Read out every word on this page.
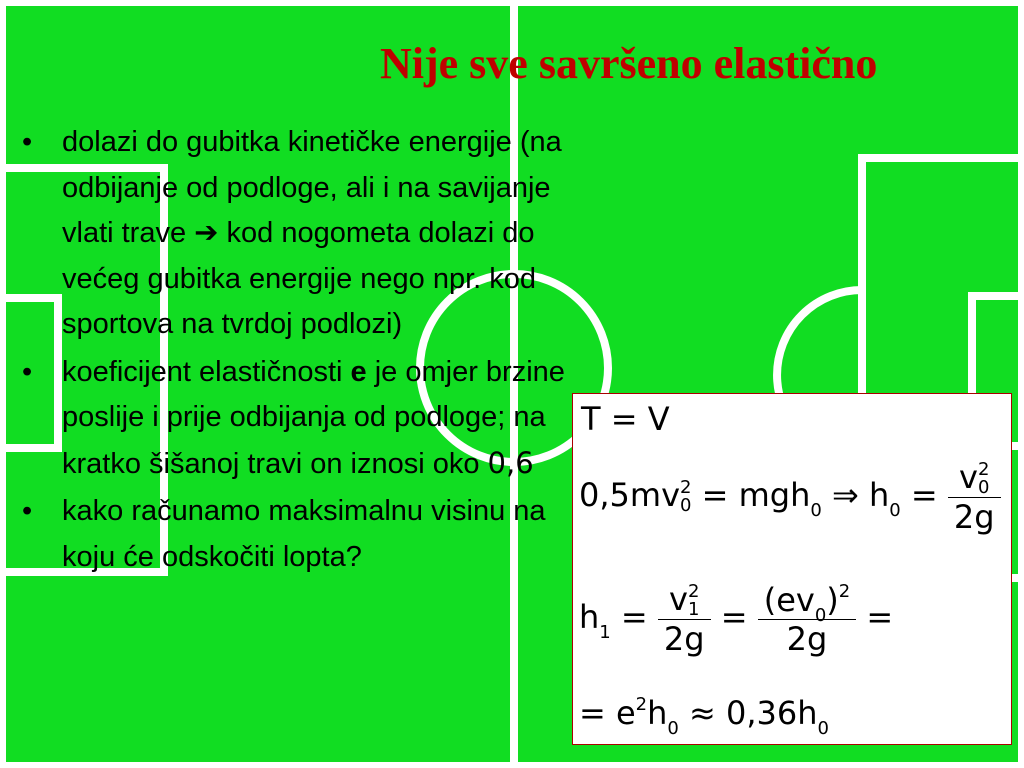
Nije sve savršeno elastično
• dolazi do gubitka kinetičke energije (na odbijanje od podloge, ali i na savijanje vlati trave ➔ kod nogometa dolazi do većeg gubitka energije nego npr. kod sportova na tvrdoj podlozi)
• koeficijent elastičnosti e je omjer brzine poslije i prije odbijanja od podloge; na kratko šišanoj travi on iznosi oko 0,6
• kako računamo maksimalnu visinu na koju će odskočiti lopta?
T = V
0,5mv 2
0 = mgh$_0$ ⇒ $h_0 = v$ 2
0
2g
$h_1 = v$ 2
1
$2g = \frac{(ev_0)^2}{2g}$ =
= $e^2h_0 \approx 0,36h_0$
